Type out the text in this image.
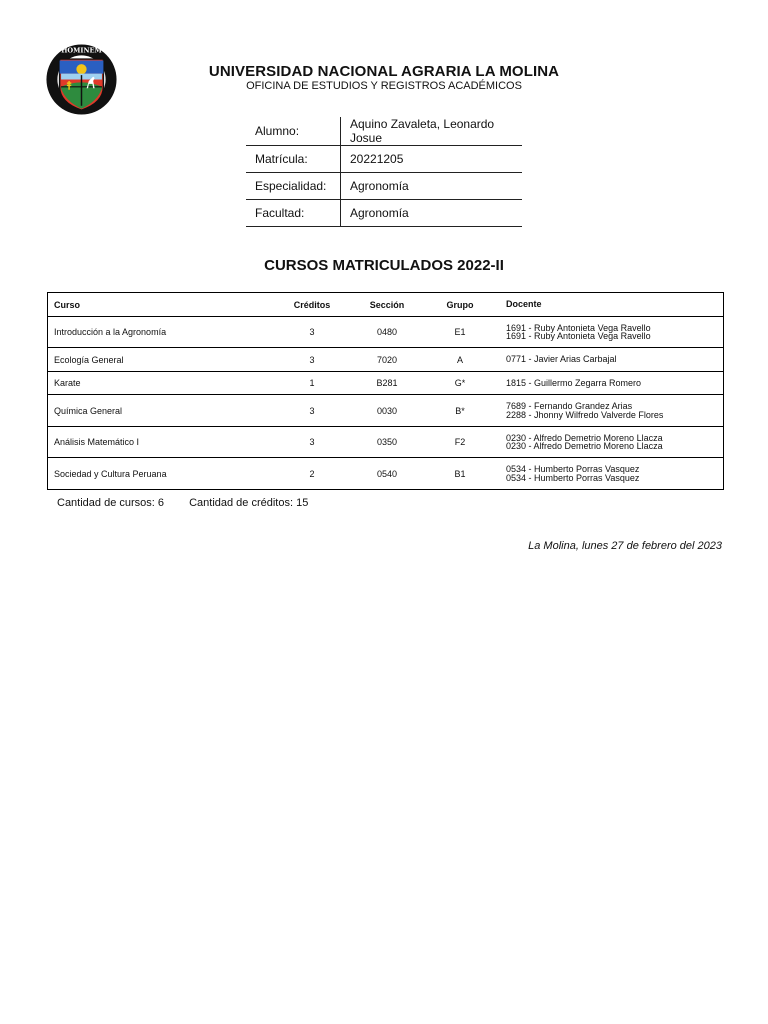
HOMINEM
UNIVERSIDAD NACIONAL AGRARIA LA MOLINA
OFICINA DE ESTUDIOS Y REGISTROS ACADÉMICOS
Alumno:	Aquino Zavaleta, Leonardo Josue
Matrícula:	20221205
Especialidad:	Agronomía
Facultad:	Agronomía
CURSOS MATRICULADOS 2022-II
Curso	Créditos	Sección	Grupo	Docente
Introducción a la Agronomía	3	0480	E1	1691 - Ruby Antonieta Vega Ravello
1691 - Ruby Antonieta Vega Ravello
Ecología General	3	7020	A	0771 - Javier Arias Carbajal
Karate	1	B281	G*	1815 - Guillermo Zegarra Romero
Química General	3	0030	B*	7689 - Fernando Grandez Arias
2288 - Jhonny Wilfredo Valverde Flores
Análisis Matemático I	3	0350	F2	0230 - Alfredo Demetrio Moreno Llacza
0230 - Alfredo Demetrio Moreno Llacza
Sociedad y Cultura Peruana	2	0540	B1	0534 - Humberto Porras Vasquez
0534 - Humberto Porras Vasquez
Cantidad de cursos: 6 Cantidad de créditos: 15
La Molina, lunes 27 de febrero del 2023
